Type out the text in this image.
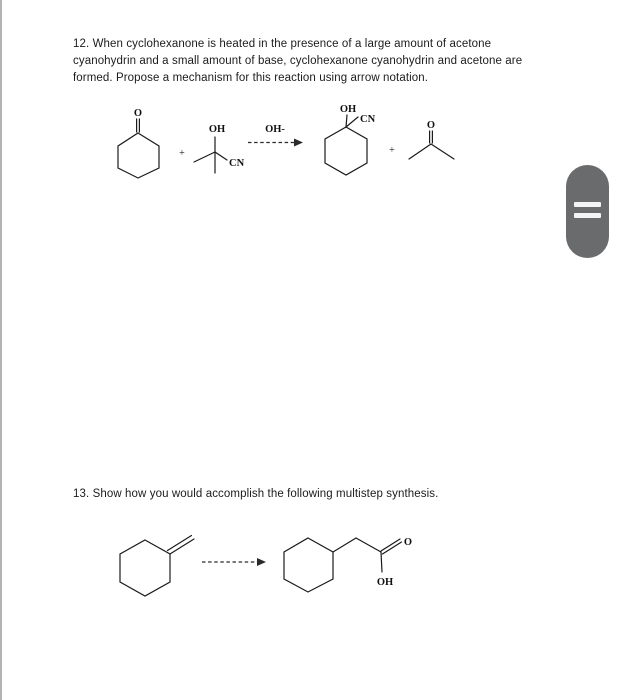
12. When cyclohexanone is heated in the presence of a large amount of acetone
cyanohydrin and a small amount of base, cyclohexanone cyanohydrin and acetone are
formed. Propose a mechanism for this reaction using arrow notation.
O
+
OH
CN
OH-
OH
CN
+
O
13. Show how you would accomplish the following multistep synthesis.
O
OH
